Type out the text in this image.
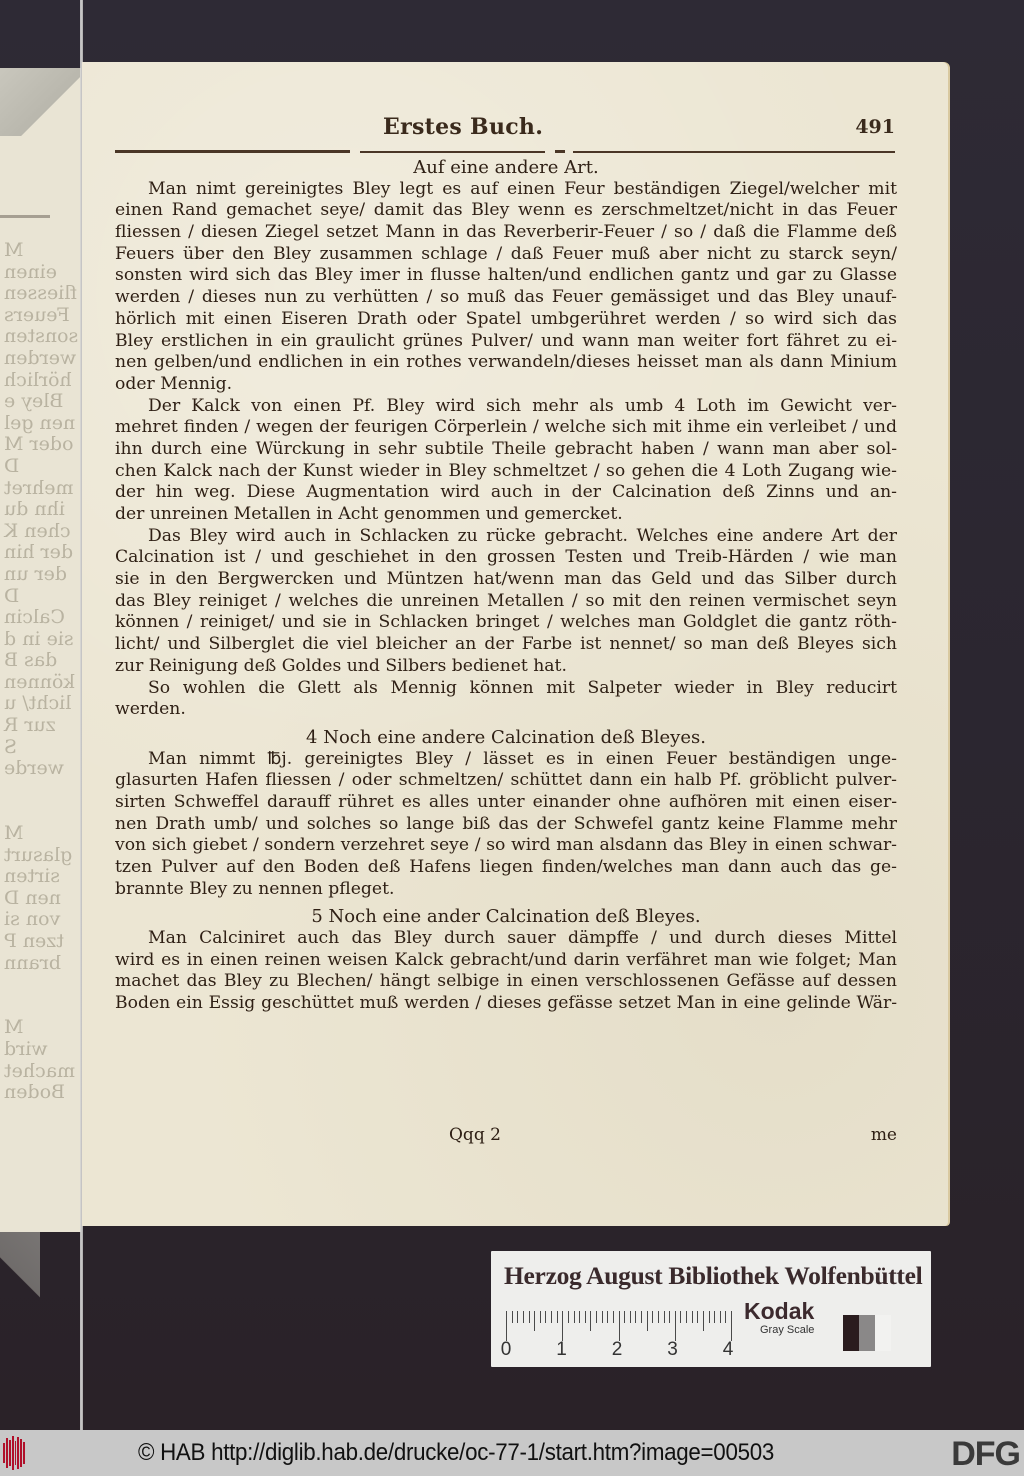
M
einen
fliessen
Feuers
sonsten
werden
hörlich
Bley e
nen gel
oder M
D
mehret
ihn du
chen K
der hin
der un
D
Calcin
sie in d
das B
können
licht/ u
zur R
S
werde
M
glasurt
sirten
nen D
von si
tzen P
brann
M
wird
machet
Boden
Erstes Buch.	491
Auf eine andere Art.
Man nimt gereinigtes Bley legt es auf einen Feur beständigen Ziegel/welcher mit
einen Rand gemachet seye/ damit das Bley wenn es zerschmeltzet/nicht in das Feuer
fliessen / diesen Ziegel setzet Mann in das Reverberir-Feuer / so / daß die Flamme deß
Feuers über den Bley zusammen schlage / daß Feuer muß aber nicht zu starck seyn/
sonsten wird sich das Bley imer in flusse halten/und endlichen gantz und gar zu Glasse
werden / dieses nun zu verhütten / so muß das Feuer gemässiget und das Bley unauf-
hörlich mit einen Eiseren Drath oder Spatel umbgerühret werden / so wird sich das
Bley erstlichen in ein graulicht grünes Pulver/ und wann man weiter fort fähret zu ei-
nen gelben/und endlichen in ein rothes verwandeln/dieses heisset man als dann Minium
oder Mennig.
Der Kalck von einen Pf. Bley wird sich mehr als umb 4 Loth im Gewicht ver-
mehret finden / wegen der feurigen Cörperlein / welche sich mit ihme ein verleibet / und
ihn durch eine Würckung in sehr subtile Theile gebracht haben / wann man aber sol-
chen Kalck nach der Kunst wieder in Bley schmeltzet / so gehen die 4 Loth Zugang wie-
der hin weg. Diese Augmentation wird auch in der Calcination deß Zinns und an-
der unreinen Metallen in Acht genommen und gemercket.
Das Bley wird auch in Schlacken zu rücke gebracht. Welches eine andere Art der
Calcination ist / und geschiehet in den grossen Testen und Treib-Härden / wie man
sie in den Bergwercken und Müntzen hat/wenn man das Geld und das Silber durch
das Bley reiniget / welches die unreinen Metallen / so mit den reinen vermischet seyn
können / reiniget/ und sie in Schlacken bringet / welches man Goldglet die gantz röth-
licht/ und Silberglet die viel bleicher an der Farbe ist nennet/ so man deß Bleyes sich
zur Reinigung deß Goldes und Silbers bedienet hat.
So wohlen die Glett als Mennig können mit Salpeter wieder in Bley reducirt
werden.
4 Noch eine andere Calcination deß Bleyes.
Man nimmt ℔j. gereinigtes Bley / lässet es in einen Feuer beständigen unge-
glasurten Hafen fliessen / oder schmeltzen/ schüttet dann ein halb Pf. gröblicht pulver-
sirten Schweffel darauff rühret es alles unter einander ohne aufhören mit einen eiser-
nen Drath umb/ und solches so lange biß das der Schwefel gantz keine Flamme mehr
von sich giebet / sondern verzehret seye / so wird man alsdann das Bley in einen schwar-
tzen Pulver auf den Boden deß Hafens liegen finden/welches man dann auch das ge-
brannte Bley zu nennen pfleget.
5 Noch eine ander Calcination deß Bleyes.
Man Calciniret auch das Bley durch sauer dämpffe / und durch dieses Mittel
wird es in einen reinen weisen Kalck gebracht/und darin verfähret man wie folget; Man
machet das Bley zu Blechen/ hängt selbige in einen verschlossenen Gefässe auf dessen
Boden ein Essig geschüttet muß werden / dieses gefässe setzet Man in eine gelinde Wär-
Qqq 2	me
Herzog August Bibliothek Wolfenbüttel
0 1 2 3 4
Kodak
Gray Scale
© HAB http://diglib.hab.de/drucke/oc-77-1/start.htm?image=00503	DFG
